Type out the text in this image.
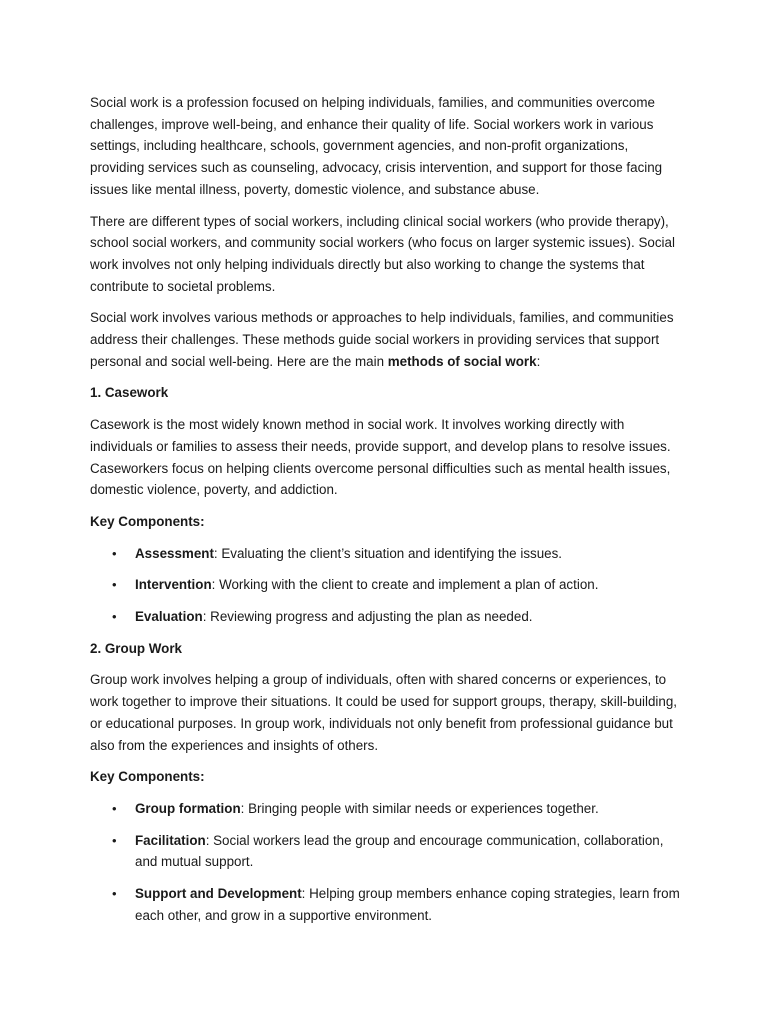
Social work is a profession focused on helping individuals, families, and communities overcome challenges, improve well-being, and enhance their quality of life. Social workers work in various settings, including healthcare, schools, government agencies, and non-profit organizations, providing services such as counseling, advocacy, crisis intervention, and support for those facing issues like mental illness, poverty, domestic violence, and substance abuse.

There are different types of social workers, including clinical social workers (who provide therapy), school social workers, and community social workers (who focus on larger systemic issues). Social work involves not only helping individuals directly but also working to change the systems that contribute to societal problems.

Social work involves various methods or approaches to help individuals, families, and communities address their challenges. These methods guide social workers in providing services that support personal and social well-being. Here are the main methods of social work:

1. Casework

Casework is the most widely known method in social work. It involves working directly with individuals or families to assess their needs, provide support, and develop plans to resolve issues. Caseworkers focus on helping clients overcome personal difficulties such as mental health issues, domestic violence, poverty, and addiction.

Key Components:

• Assessment: Evaluating the client’s situation and identifying the issues.
• Intervention: Working with the client to create and implement a plan of action.
• Evaluation: Reviewing progress and adjusting the plan as needed.

2. Group Work

Group work involves helping a group of individuals, often with shared concerns or experiences, to work together to improve their situations. It could be used for support groups, therapy, skill-building, or educational purposes. In group work, individuals not only benefit from professional guidance but also from the experiences and insights of others.

Key Components:

• Group formation: Bringing people with similar needs or experiences together.
• Facilitation: Social workers lead the group and encourage communication, collaboration, and mutual support.
• Support and Development: Helping group members enhance coping strategies, learn from each other, and grow in a supportive environment.
